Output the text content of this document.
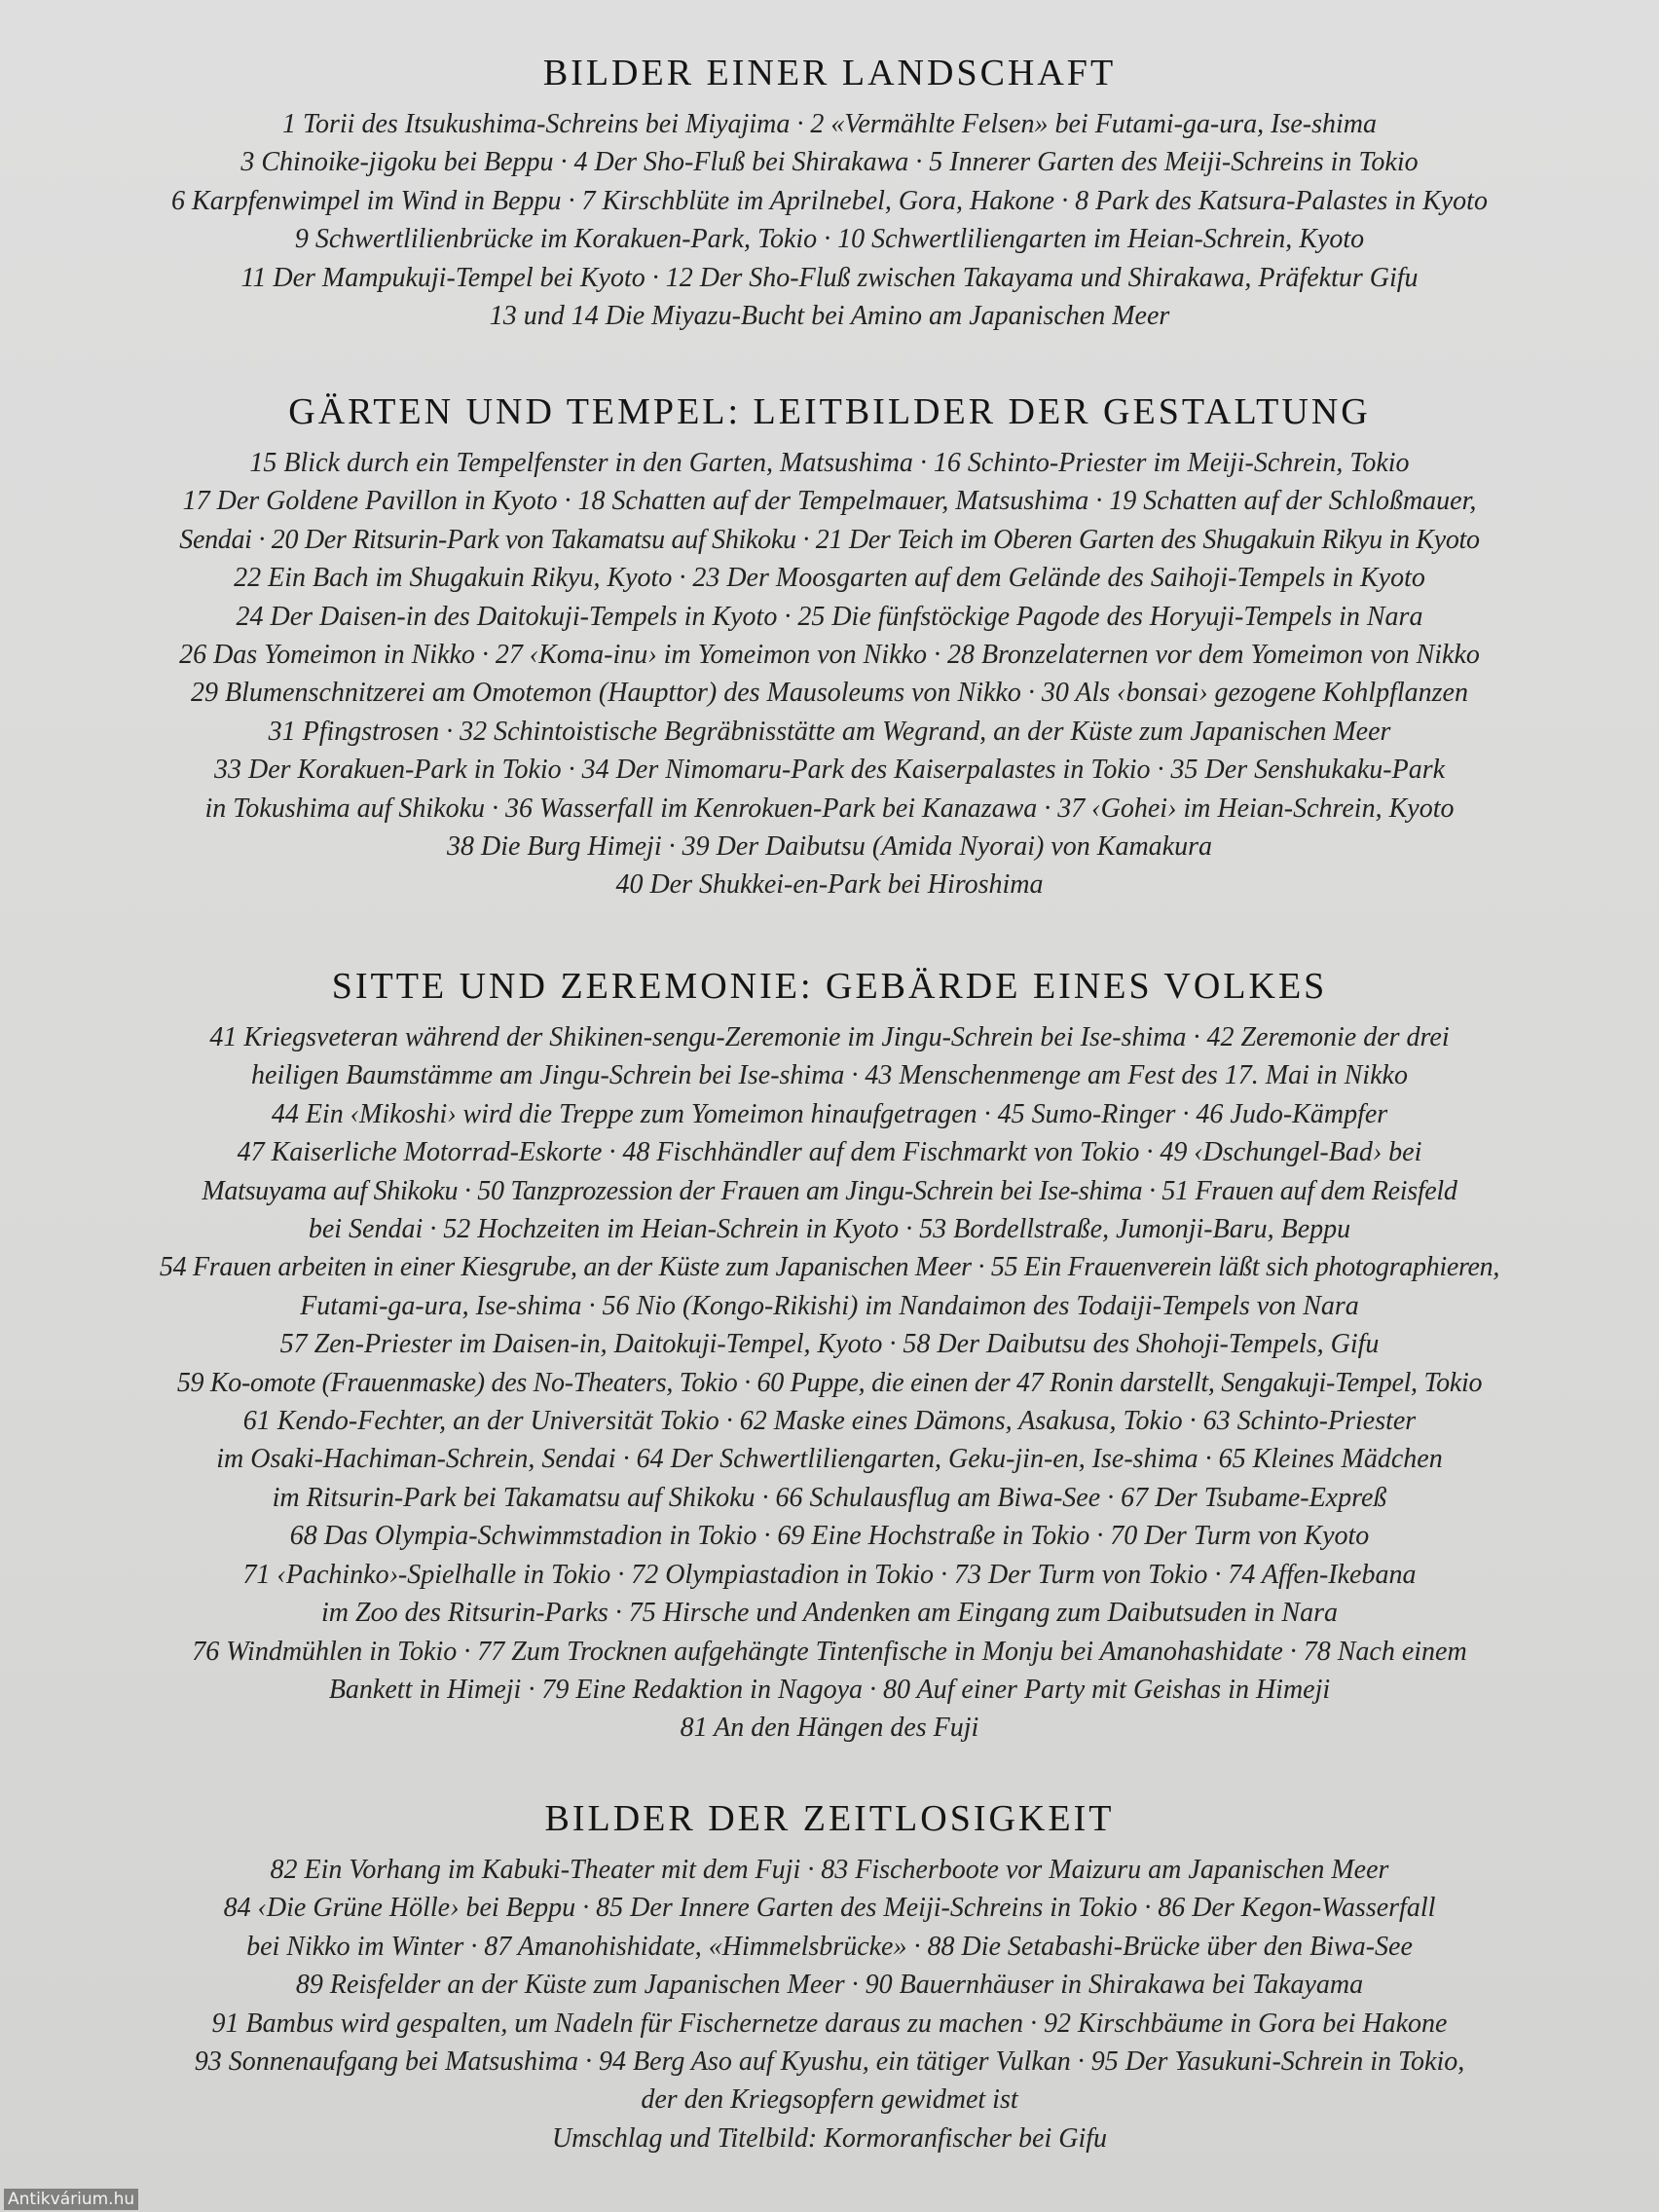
BILDER EINER LANDSCHAFT
1 Torii des Itsukushima-Schreins bei Miyajima · 2 «Vermählte Felsen» bei Futami-ga-ura, Ise-shima
3 Chinoike-jigoku bei Beppu · 4 Der Sho-Fluß bei Shirakawa · 5 Innerer Garten des Meiji-Schreins in Tokio
6 Karpfenwimpel im Wind in Beppu · 7 Kirschblüte im Aprilnebel, Gora, Hakone · 8 Park des Katsura-Palastes in Kyoto
9 Schwertlilienbrücke im Korakuen-Park, Tokio · 10 Schwertliliengarten im Heian-Schrein, Kyoto
11 Der Mampukuji-Tempel bei Kyoto · 12 Der Sho-Fluß zwischen Takayama und Shirakawa, Präfektur Gifu
13 und 14 Die Miyazu-Bucht bei Amino am Japanischen Meer
GÄRTEN UND TEMPEL: LEITBILDER DER GESTALTUNG
15 Blick durch ein Tempelfenster in den Garten, Matsushima · 16 Schinto-Priester im Meiji-Schrein, Tokio
17 Der Goldene Pavillon in Kyoto · 18 Schatten auf der Tempelmauer, Matsushima · 19 Schatten auf der Schloßmauer,
Sendai · 20 Der Ritsurin-Park von Takamatsu auf Shikoku · 21 Der Teich im Oberen Garten des Shugakuin Rikyu in Kyoto
22 Ein Bach im Shugakuin Rikyu, Kyoto · 23 Der Moosgarten auf dem Gelände des Saihoji-Tempels in Kyoto
24 Der Daisen-in des Daitokuji-Tempels in Kyoto · 25 Die fünfstöckige Pagode des Horyuji-Tempels in Nara
26 Das Yomeimon in Nikko · 27 ‹Koma-inu› im Yomeimon von Nikko · 28 Bronzelaternen vor dem Yomeimon von Nikko
29 Blumenschnitzerei am Omotemon (Haupttor) des Mausoleums von Nikko · 30 Als ‹bonsai› gezogene Kohlpflanzen
31 Pfingstrosen · 32 Schintoistische Begräbnisstätte am Wegrand, an der Küste zum Japanischen Meer
33 Der Korakuen-Park in Tokio · 34 Der Nimomaru-Park des Kaiserpalastes in Tokio · 35 Der Senshukaku-Park
in Tokushima auf Shikoku · 36 Wasserfall im Kenrokuen-Park bei Kanazawa · 37 ‹Gohei› im Heian-Schrein, Kyoto
38 Die Burg Himeji · 39 Der Daibutsu (Amida Nyorai) von Kamakura
40 Der Shukkei-en-Park bei Hiroshima
SITTE UND ZEREMONIE: GEBÄRDE EINES VOLKES
41 Kriegsveteran während der Shikinen-sengu-Zeremonie im Jingu-Schrein bei Ise-shima · 42 Zeremonie der drei
heiligen Baumstämme am Jingu-Schrein bei Ise-shima · 43 Menschenmenge am Fest des 17. Mai in Nikko
44 Ein ‹Mikoshi› wird die Treppe zum Yomeimon hinaufgetragen · 45 Sumo-Ringer · 46 Judo-Kämpfer
47 Kaiserliche Motorrad-Eskorte · 48 Fischhändler auf dem Fischmarkt von Tokio · 49 ‹Dschungel-Bad› bei
Matsuyama auf Shikoku · 50 Tanzprozession der Frauen am Jingu-Schrein bei Ise-shima · 51 Frauen auf dem Reisfeld
bei Sendai · 52 Hochzeiten im Heian-Schrein in Kyoto · 53 Bordellstraße, Jumonji-Baru, Beppu
54 Frauen arbeiten in einer Kiesgrube, an der Küste zum Japanischen Meer · 55 Ein Frauenverein läßt sich photographieren,
Futami-ga-ura, Ise-shima · 56 Nio (Kongo-Rikishi) im Nandaimon des Todaiji-Tempels von Nara
57 Zen-Priester im Daisen-in, Daitokuji-Tempel, Kyoto · 58 Der Daibutsu des Shohoji-Tempels, Gifu
59 Ko-omote (Frauenmaske) des No-Theaters, Tokio · 60 Puppe, die einen der 47 Ronin darstellt, Sengakuji-Tempel, Tokio
61 Kendo-Fechter, an der Universität Tokio · 62 Maske eines Dämons, Asakusa, Tokio · 63 Schinto-Priester
im Osaki-Hachiman-Schrein, Sendai · 64 Der Schwertliliengarten, Geku-jin-en, Ise-shima · 65 Kleines Mädchen
im Ritsurin-Park bei Takamatsu auf Shikoku · 66 Schulausflug am Biwa-See · 67 Der Tsubame-Expreß
68 Das Olympia-Schwimmstadion in Tokio · 69 Eine Hochstraße in Tokio · 70 Der Turm von Kyoto
71 ‹Pachinko›-Spielhalle in Tokio · 72 Olympiastadion in Tokio · 73 Der Turm von Tokio · 74 Affen-Ikebana
im Zoo des Ritsurin-Parks · 75 Hirsche und Andenken am Eingang zum Daibutsuden in Nara
76 Windmühlen in Tokio · 77 Zum Trocknen aufgehängte Tintenfische in Monju bei Amanohashidate · 78 Nach einem
Bankett in Himeji · 79 Eine Redaktion in Nagoya · 80 Auf einer Party mit Geishas in Himeji
81 An den Hängen des Fuji
BILDER DER ZEITLOSIGKEIT
82 Ein Vorhang im Kabuki-Theater mit dem Fuji · 83 Fischerboote vor Maizuru am Japanischen Meer
84 ‹Die Grüne Hölle› bei Beppu · 85 Der Innere Garten des Meiji-Schreins in Tokio · 86 Der Kegon-Wasserfall
bei Nikko im Winter · 87 Amanohishidate, «Himmelsbrücke» · 88 Die Setabashi-Brücke über den Biwa-See
89 Reisfelder an der Küste zum Japanischen Meer · 90 Bauernhäuser in Shirakawa bei Takayama
91 Bambus wird gespalten, um Nadeln für Fischernetze daraus zu machen · 92 Kirschbäume in Gora bei Hakone
93 Sonnenaufgang bei Matsushima · 94 Berg Aso auf Kyushu, ein tätiger Vulkan · 95 Der Yasukuni-Schrein in Tokio,
der den Kriegsopfern gewidmet ist
Umschlag und Titelbild: Kormoranfischer bei Gifu
Antikvárium.hu
